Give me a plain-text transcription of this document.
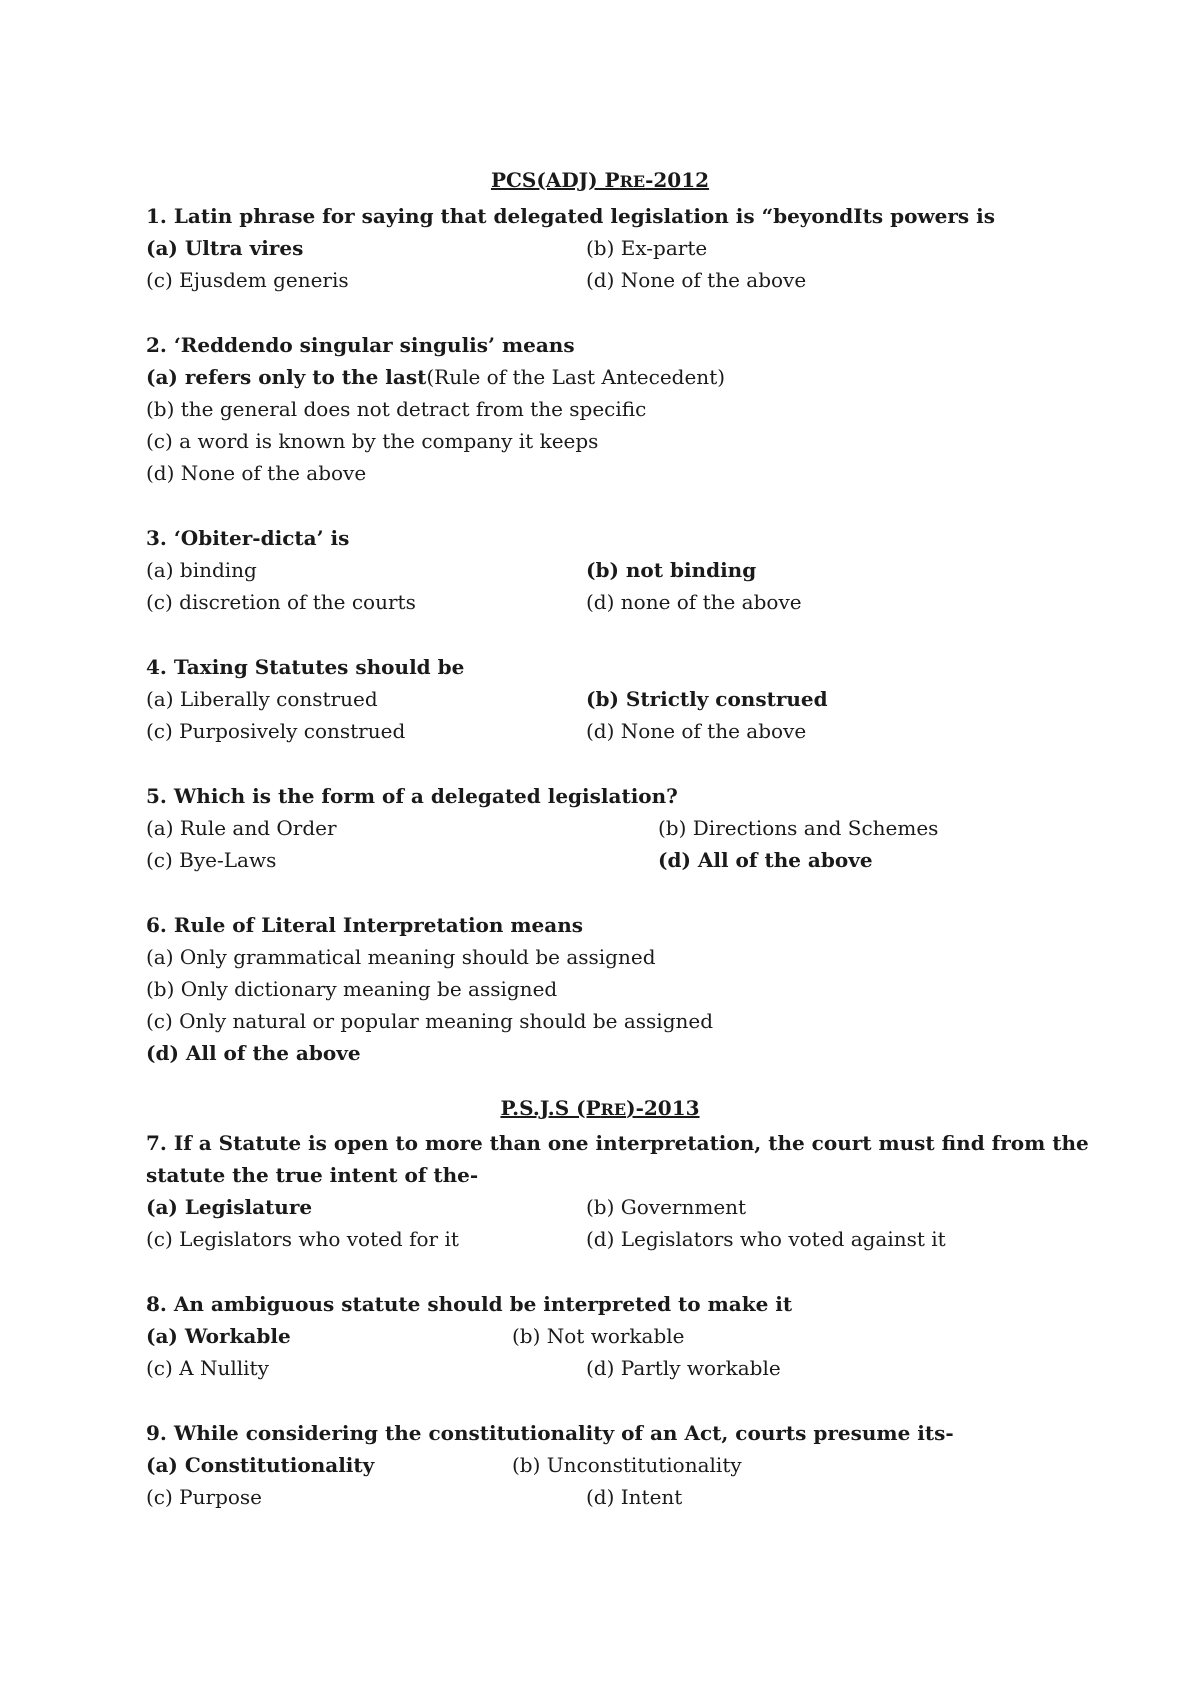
PCS(ADJ) PRE-2012
1. Latin phrase for saying that delegated legislation is “beyondIts powers is
(a) Ultra vires	(b) Ex-parte
(c) Ejusdem generis	(d) None of the above
2. ‘Reddendo singular singulis’ means
(a) refers only to the last(Rule of the Last Antecedent)
(b) the general does not detract from the specific
(c) a word is known by the company it keeps
(d) None of the above
3. ‘Obiter-dicta’ is
(a) binding	(b) not binding
(c) discretion of the courts	(d) none of the above
4. Taxing Statutes should be
(a) Liberally construed	(b) Strictly construed
(c) Purposively construed	(d) None of the above
5. Which is the form of a delegated legislation?
(a) Rule and Order	(b) Directions and Schemes
(c) Bye-Laws	(d) All of the above
6. Rule of Literal Interpretation means
(a) Only grammatical meaning should be assigned
(b) Only dictionary meaning be assigned
(c) Only natural or popular meaning should be assigned
(d) All of the above
P.S.J.S (PRE)-2013
7. If a Statute is open to more than one interpretation, the court must find from the
statute the true intent of the-
(a) Legislature	(b) Government
(c) Legislators who voted for it	(d) Legislators who voted against it
8. An ambiguous statute should be interpreted to make it
(a) Workable	(b) Not workable
(c) A Nullity	(d) Partly workable
9. While considering the constitutionality of an Act, courts presume its-
(a) Constitutionality	(b) Unconstitutionality
(c) Purpose	(d) Intent
